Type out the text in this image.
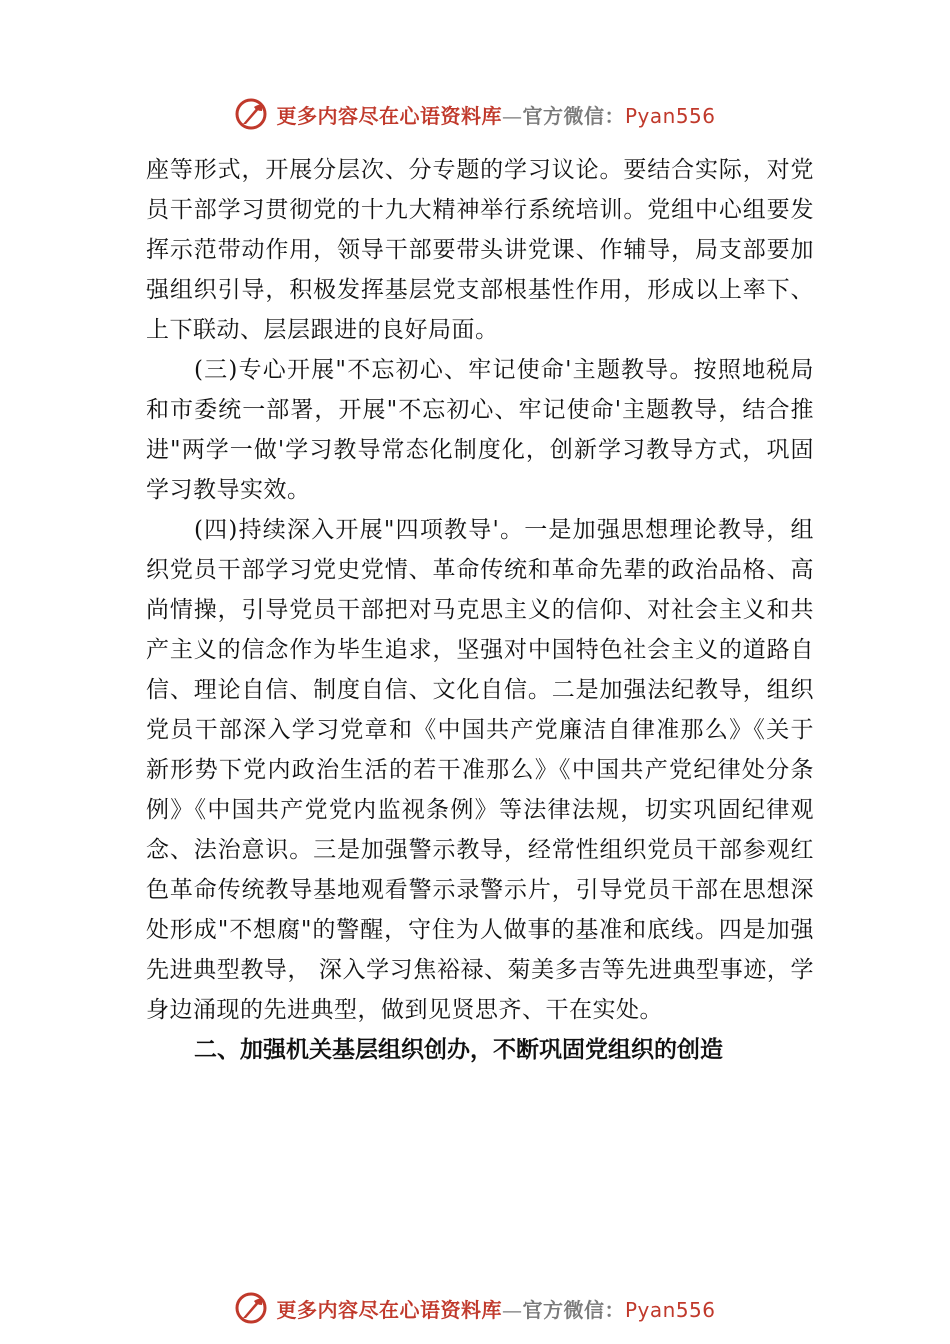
更多内容尽在心语资料库—官方微信：Pyan556

座等形式，开展分层次、分专题的学习议论。要结合实际，对党员干部学习贯彻党的十九大精神举行系统培训。党组中心组要发挥示范带动作用，领导干部要带头讲党课、作辅导，局支部要加强组织引导，积极发挥基层党支部根基性作用，形成以上率下、上下联动、层层跟进的良好局面。

(三)专心开展"不忘初心、牢记使命'主题教导。按照地税局和市委统一部署，开展"不忘初心、牢记使命'主题教导，结合推进"两学一做'学习教导常态化制度化，创新学习教导方式，巩固学习教导实效。

(四)持续深入开展"四项教导'。一是加强思想理论教导，组织党员干部学习党史党情、革命传统和革命先辈的政治品格、高尚情操，引导党员干部把对马克思主义的信仰、对社会主义和共产主义的信念作为毕生追求，坚强对中国特色社会主义的道路自信、理论自信、制度自信、文化自信。二是加强法纪教导，组织党员干部深入学习党章和《中国共产党廉洁自律准那么》《关于新形势下党内政治生活的若干准那么》《中国共产党纪律处分条例》《中国共产党党内监视条例》等法律法规，切实巩固纪律观念、法治意识。三是加强警示教导，经常性组织党员干部参观红色革命传统教导基地观看警示录警示片，引导党员干部在思想深处形成"不想腐"的警醒，守住为人做事的基准和底线。四是加强先进典型教导， 深入学习焦裕禄、菊美多吉等先进典型事迹，学身边涌现的先进典型，做到见贤思齐、干在实处。

二、加强机关基层组织创办，不断巩固党组织的创造

更多内容尽在心语资料库—官方微信：Pyan556
